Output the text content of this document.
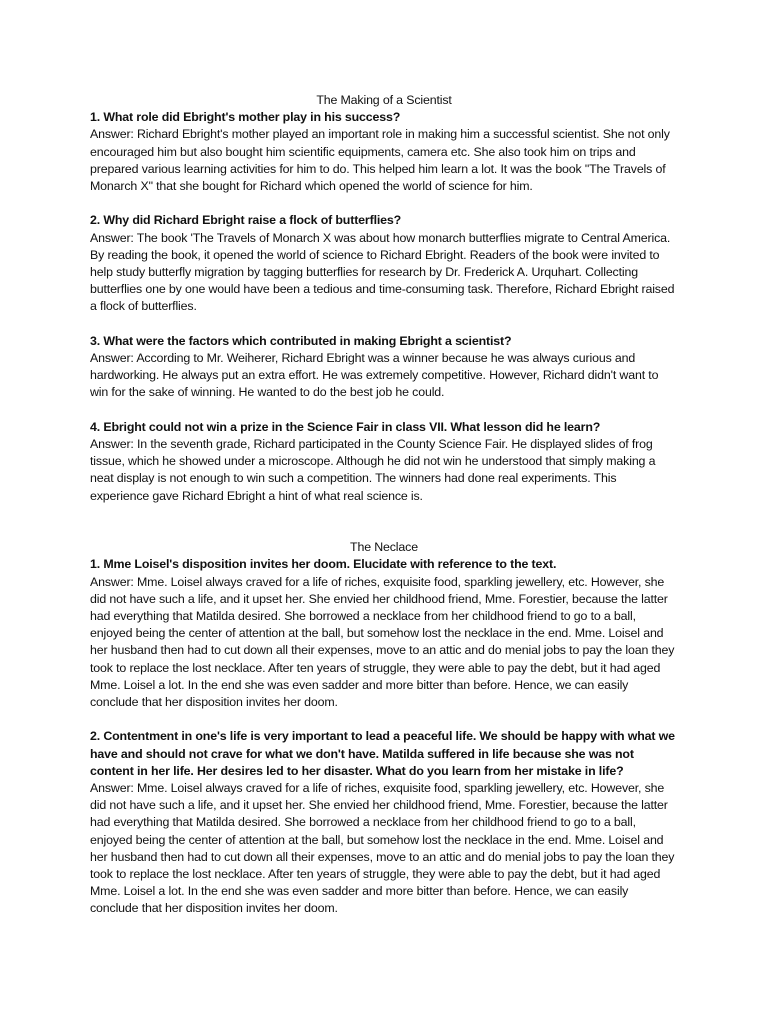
The Making of a Scientist

1. What role did Ebright's mother play in his success?

Answer: Richard Ebright's mother played an important role in making him a successful scientist. She not only encouraged him but also bought him scientific equipments, camera etc. She also took him on trips and prepared various learning activities for him to do. This helped him learn a lot. It was the book "The Travels of Monarch X" that she bought for Richard which opened the world of science for him.

2. Why did Richard Ebright raise a flock of butterflies?

Answer: The book 'The Travels of Monarch X was about how monarch butterflies migrate to Central America. By reading the book, it opened the world of science to Richard Ebright. Readers of the book were invited to help study butterfly migration by tagging butterflies for research by Dr. Frederick A. Urquhart. Collecting butterflies one by one would have been a tedious and time-consuming task. Therefore, Richard Ebright raised a flock of butterflies.

3. What were the factors which contributed in making Ebright a scientist?

Answer: According to Mr. Weiherer, Richard Ebright was a winner because he was always curious and hardworking. He always put an extra effort. He was extremely competitive. However, Richard didn't want to win for the sake of winning. He wanted to do the best job he could.

4. Ebright could not win a prize in the Science Fair in class VII. What lesson did he learn?

Answer: In the seventh grade, Richard participated in the County Science Fair. He displayed slides of frog tissue, which he showed under a microscope. Although he did not win he understood that simply making a neat display is not enough to win such a competition. The winners had done real experiments. This experience gave Richard Ebright a hint of what real science is.

The Neclace

1. Mme Loisel's disposition invites her doom. Elucidate with reference to the text.

Answer: Mme. Loisel always craved for a life of riches, exquisite food, sparkling jewellery, etc. However, she did not have such a life, and it upset her. She envied her childhood friend, Mme. Forestier, because the latter had everything that Matilda desired. She borrowed a necklace from her childhood friend to go to a ball, enjoyed being the center of attention at the ball, but somehow lost the necklace in the end. Mme. Loisel and her husband then had to cut down all their expenses, move to an attic and do menial jobs to pay the loan they took to replace the lost necklace. After ten years of struggle, they were able to pay the debt, but it had aged Mme. Loisel a lot. In the end she was even sadder and more bitter than before. Hence, we can easily conclude that her disposition invites her doom.

2. Contentment in one's life is very important to lead a peaceful life. We should be happy with what we have and should not crave for what we don't have. Matilda suffered in life because she was not content in her life. Her desires led to her disaster. What do you learn from her mistake in life?

Answer: Mme. Loisel always craved for a life of riches, exquisite food, sparkling jewellery, etc. However, she did not have such a life, and it upset her. She envied her childhood friend, Mme. Forestier, because the latter had everything that Matilda desired. She borrowed a necklace from her childhood friend to go to a ball, enjoyed being the center of attention at the ball, but somehow lost the necklace in the end. Mme. Loisel and her husband then had to cut down all their expenses, move to an attic and do menial jobs to pay the loan they took to replace the lost necklace. After ten years of struggle, they were able to pay the debt, but it had aged Mme. Loisel a lot. In the end she was even sadder and more bitter than before. Hence, we can easily conclude that her disposition invites her doom.
